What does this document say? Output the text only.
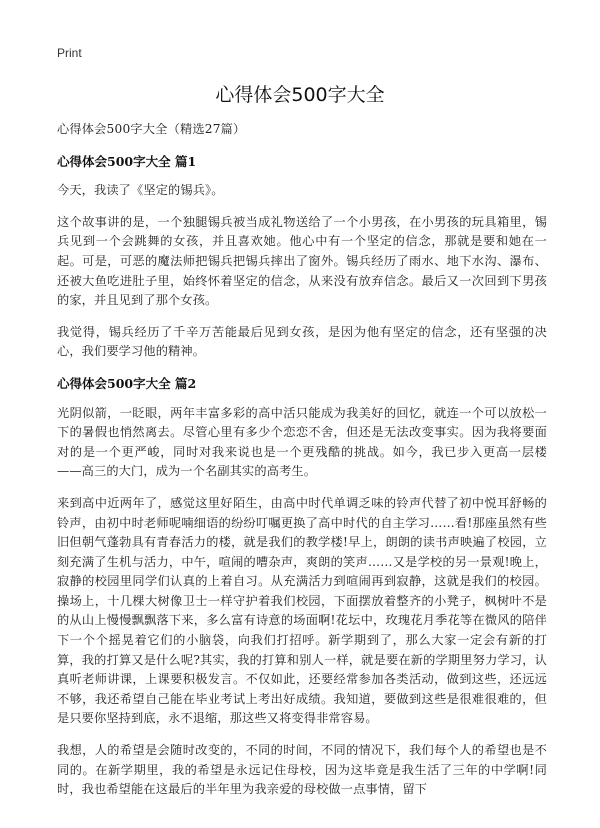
Print
心得体会500字大全

心得体会500字大全（精选27篇）

心得体会500字大全 篇1

今天，我读了《坚定的锡兵》。

这个故事讲的是，一个独腿锡兵被当成礼物送给了一个小男孩，在小男孩的玩具箱里，锡兵见到一个会跳舞的女孩，并且喜欢她。他心中有一个坚定的信念，那就是要和她在一起。可是，可恶的魔法师把锡兵把锡兵摔出了窗外。锡兵经历了雨水、地下水沟、瀑布、还被大鱼吃进肚子里，始终怀着坚定的信念，从来没有放弃信念。最后又一次回到下男孩的家，并且见到了那个女孩。

我觉得，锡兵经历了千辛万苦能最后见到女孩，是因为他有坚定的信念，还有坚强的决心，我们要学习他的精神。

心得体会500字大全 篇2

光阴似箭，一眨眼，两年丰富多彩的高中活只能成为我美好的回忆，就连一个可以放松一下的暑假也悄然离去。尽管心里有多少个恋恋不舍，但还是无法改变事实。因为我将要面对的是一个更严峻，同时对我来说也是一个更残酷的挑战。如今，我已步入更高一层楼——高三的大门，成为一个名副其实的高考生。

来到高中近两年了，感觉这里好陌生，由高中时代单调乏味的铃声代替了初中悦耳舒畅的铃声，由初中时老师呢喃细语的纷纷叮嘱更换了高中时代的自主学习……看!那座虽然有些旧但朝气蓬勃具有青春活力的楼，就是我们的教学楼!早上，朗朗的读书声映遍了校园，立刻充满了生机与活力，中午，喧闹的嘈杂声，爽朗的笑声……又是学校的另一景观!晚上，寂静的校园里同学们认真的上着自习。从充满活力到喧闹再到寂静，这就是我们的校园。操场上，十几棵大树像卫士一样守护着我们校园，下面摆放着整齐的小凳子，枫树叶不是的从山上慢慢飘飘落下来，多么富有诗意的场面啊!花坛中，玫瑰花月季花等在微风的陪伴下一个个摇晃着它们的小脑袋，向我们打招呼。新学期到了，那么大家一定会有新的打算，我的打算又是什么呢?其实，我的打算和别人一样，就是要在新的学期里努力学习，认真听老师讲课，上课要积极发言。不仅如此，还要经常参加各类活动，做到这些，还远远不够，我还希望自己能在毕业考试上考出好成绩。我知道，要做到这些是很难很难的，但是只要你坚持到底，永不退缩，那这些又将变得非常容易。

我想，人的希望是会随时改变的，不同的时间，不同的情况下，我们每个人的希望也是不同的。在新学期里，我的希望是永远记住母校，因为这毕竟是我生活了三年的中学啊!同时，我也希望能在这最后的半年里为我亲爱的母校做一点事情，留下
